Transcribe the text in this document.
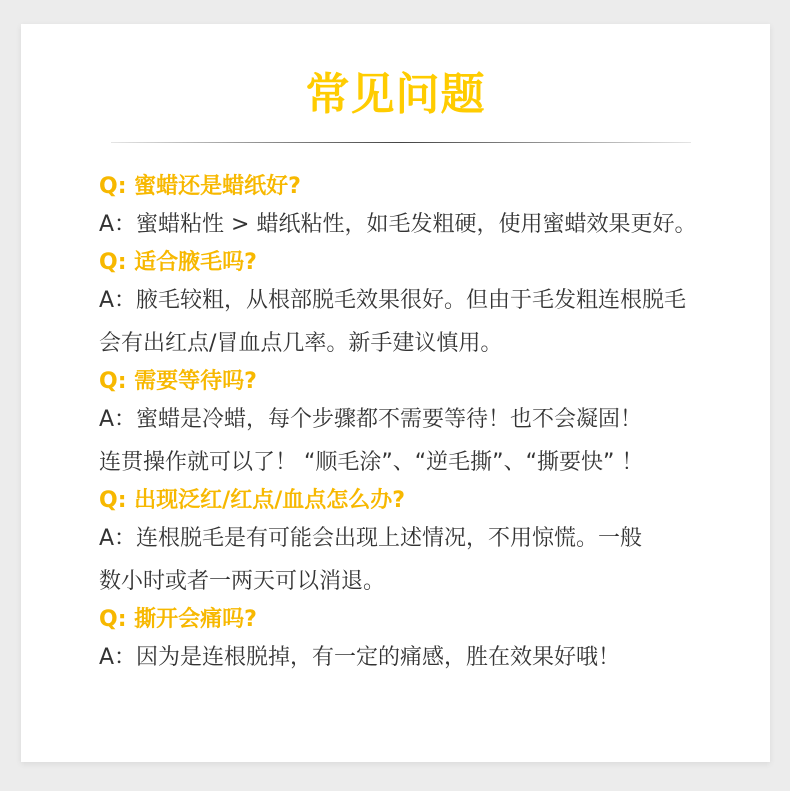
常见问题
Q: 蜜蜡还是蜡纸好?
A：蜜蜡粘性 > 蜡纸粘性，如毛发粗硬，使用蜜蜡效果更好。
Q: 适合腋毛吗?
A：腋毛较粗，从根部脱毛效果很好。但由于毛发粗连根脱毛
会有出红点/冒血点几率。新手建议慎用。
Q: 需要等待吗?
A：蜜蜡是冷蜡，每个步骤都不需要等待！也不会凝固！
连贯操作就可以了！ “顺毛涂”、“逆毛撕”、“撕要快” ！
Q: 出现泛红/红点/血点怎么办?
A：连根脱毛是有可能会出现上述情况，不用惊慌。一般
数小时或者一两天可以消退。
Q: 撕开会痛吗?
A：因为是连根脱掉，有一定的痛感，胜在效果好哦！
